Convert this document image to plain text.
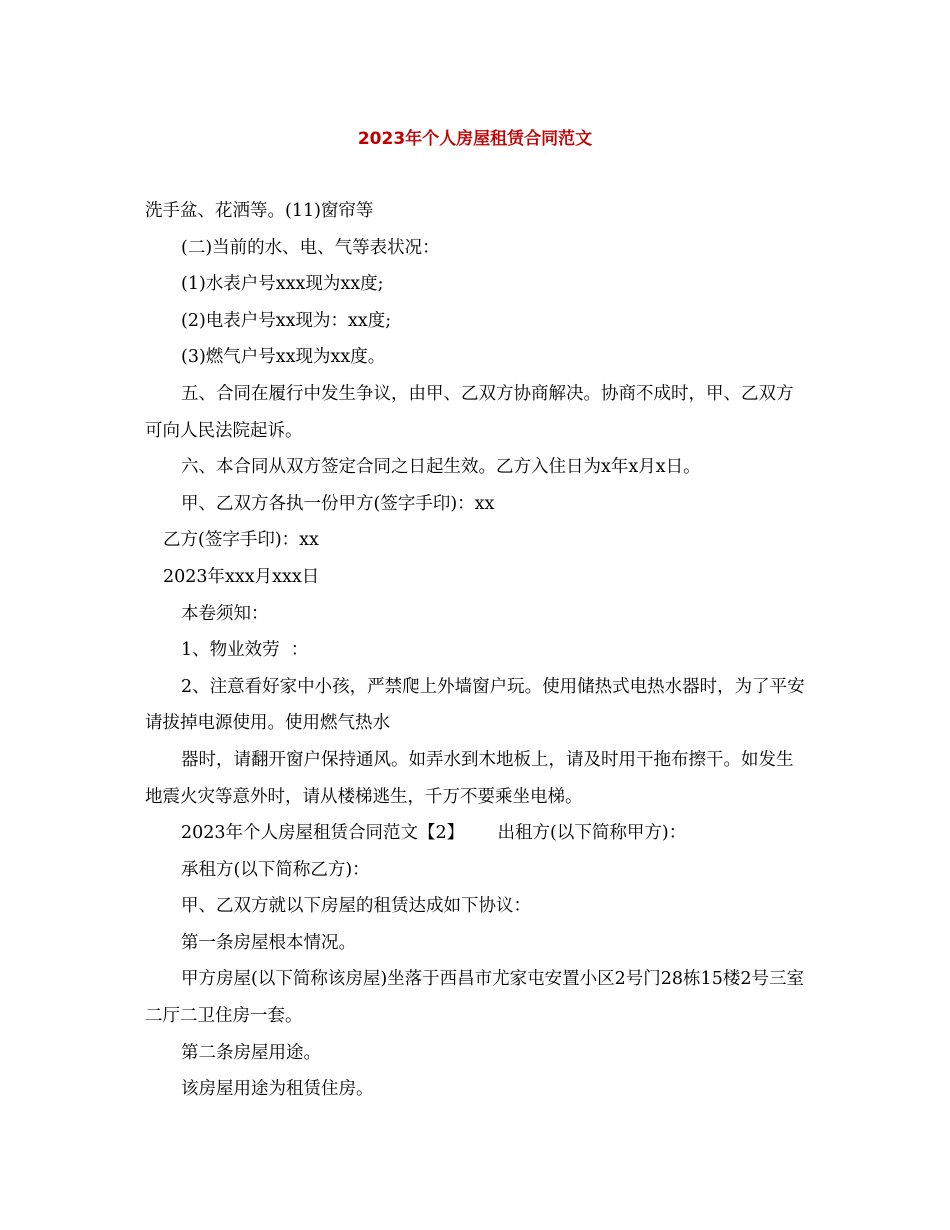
2023年个人房屋租赁合同范文

洗手盆、花洒等。(11)窗帘等

(二)当前的水、电、气等表状况：

(1)水表户号xxx现为xx度;

(2)电表户号xx现为：xx度;

(3)燃气户号xx现为xx度。

五、合同在履行中发生争议，由甲、乙双方协商解决。协商不成时，甲、乙双方可向人民法院起诉。

六、本合同从双方签定合同之日起生效。乙方入住日为x年x月x日。

甲、乙双方各执一份甲方(签字手印)：xx

乙方(签字手印)：xx

2023年xxx月xxx日

本卷须知：

1、物业效劳  ：

2、注意看好家中小孩，严禁爬上外墙窗户玩。使用储热式电热水器时，为了平安请拔掉电源使用。使用燃气热水

器时，请翻开窗户保持通风。如弄水到木地板上，请及时用干拖布擦干。如发生地震火灾等意外时，请从楼梯逃生，千万不要乘坐电梯。

2023年个人房屋租赁合同范文【2】      出租方(以下简称甲方)：

承租方(以下简称乙方)：

甲、乙双方就以下房屋的租赁达成如下协议：

第一条房屋根本情况。

甲方房屋(以下简称该房屋)坐落于西昌市尤家屯安置小区2号门28栋15楼2号三室二厅二卫住房一套。

第二条房屋用途。

该房屋用途为租赁住房。
